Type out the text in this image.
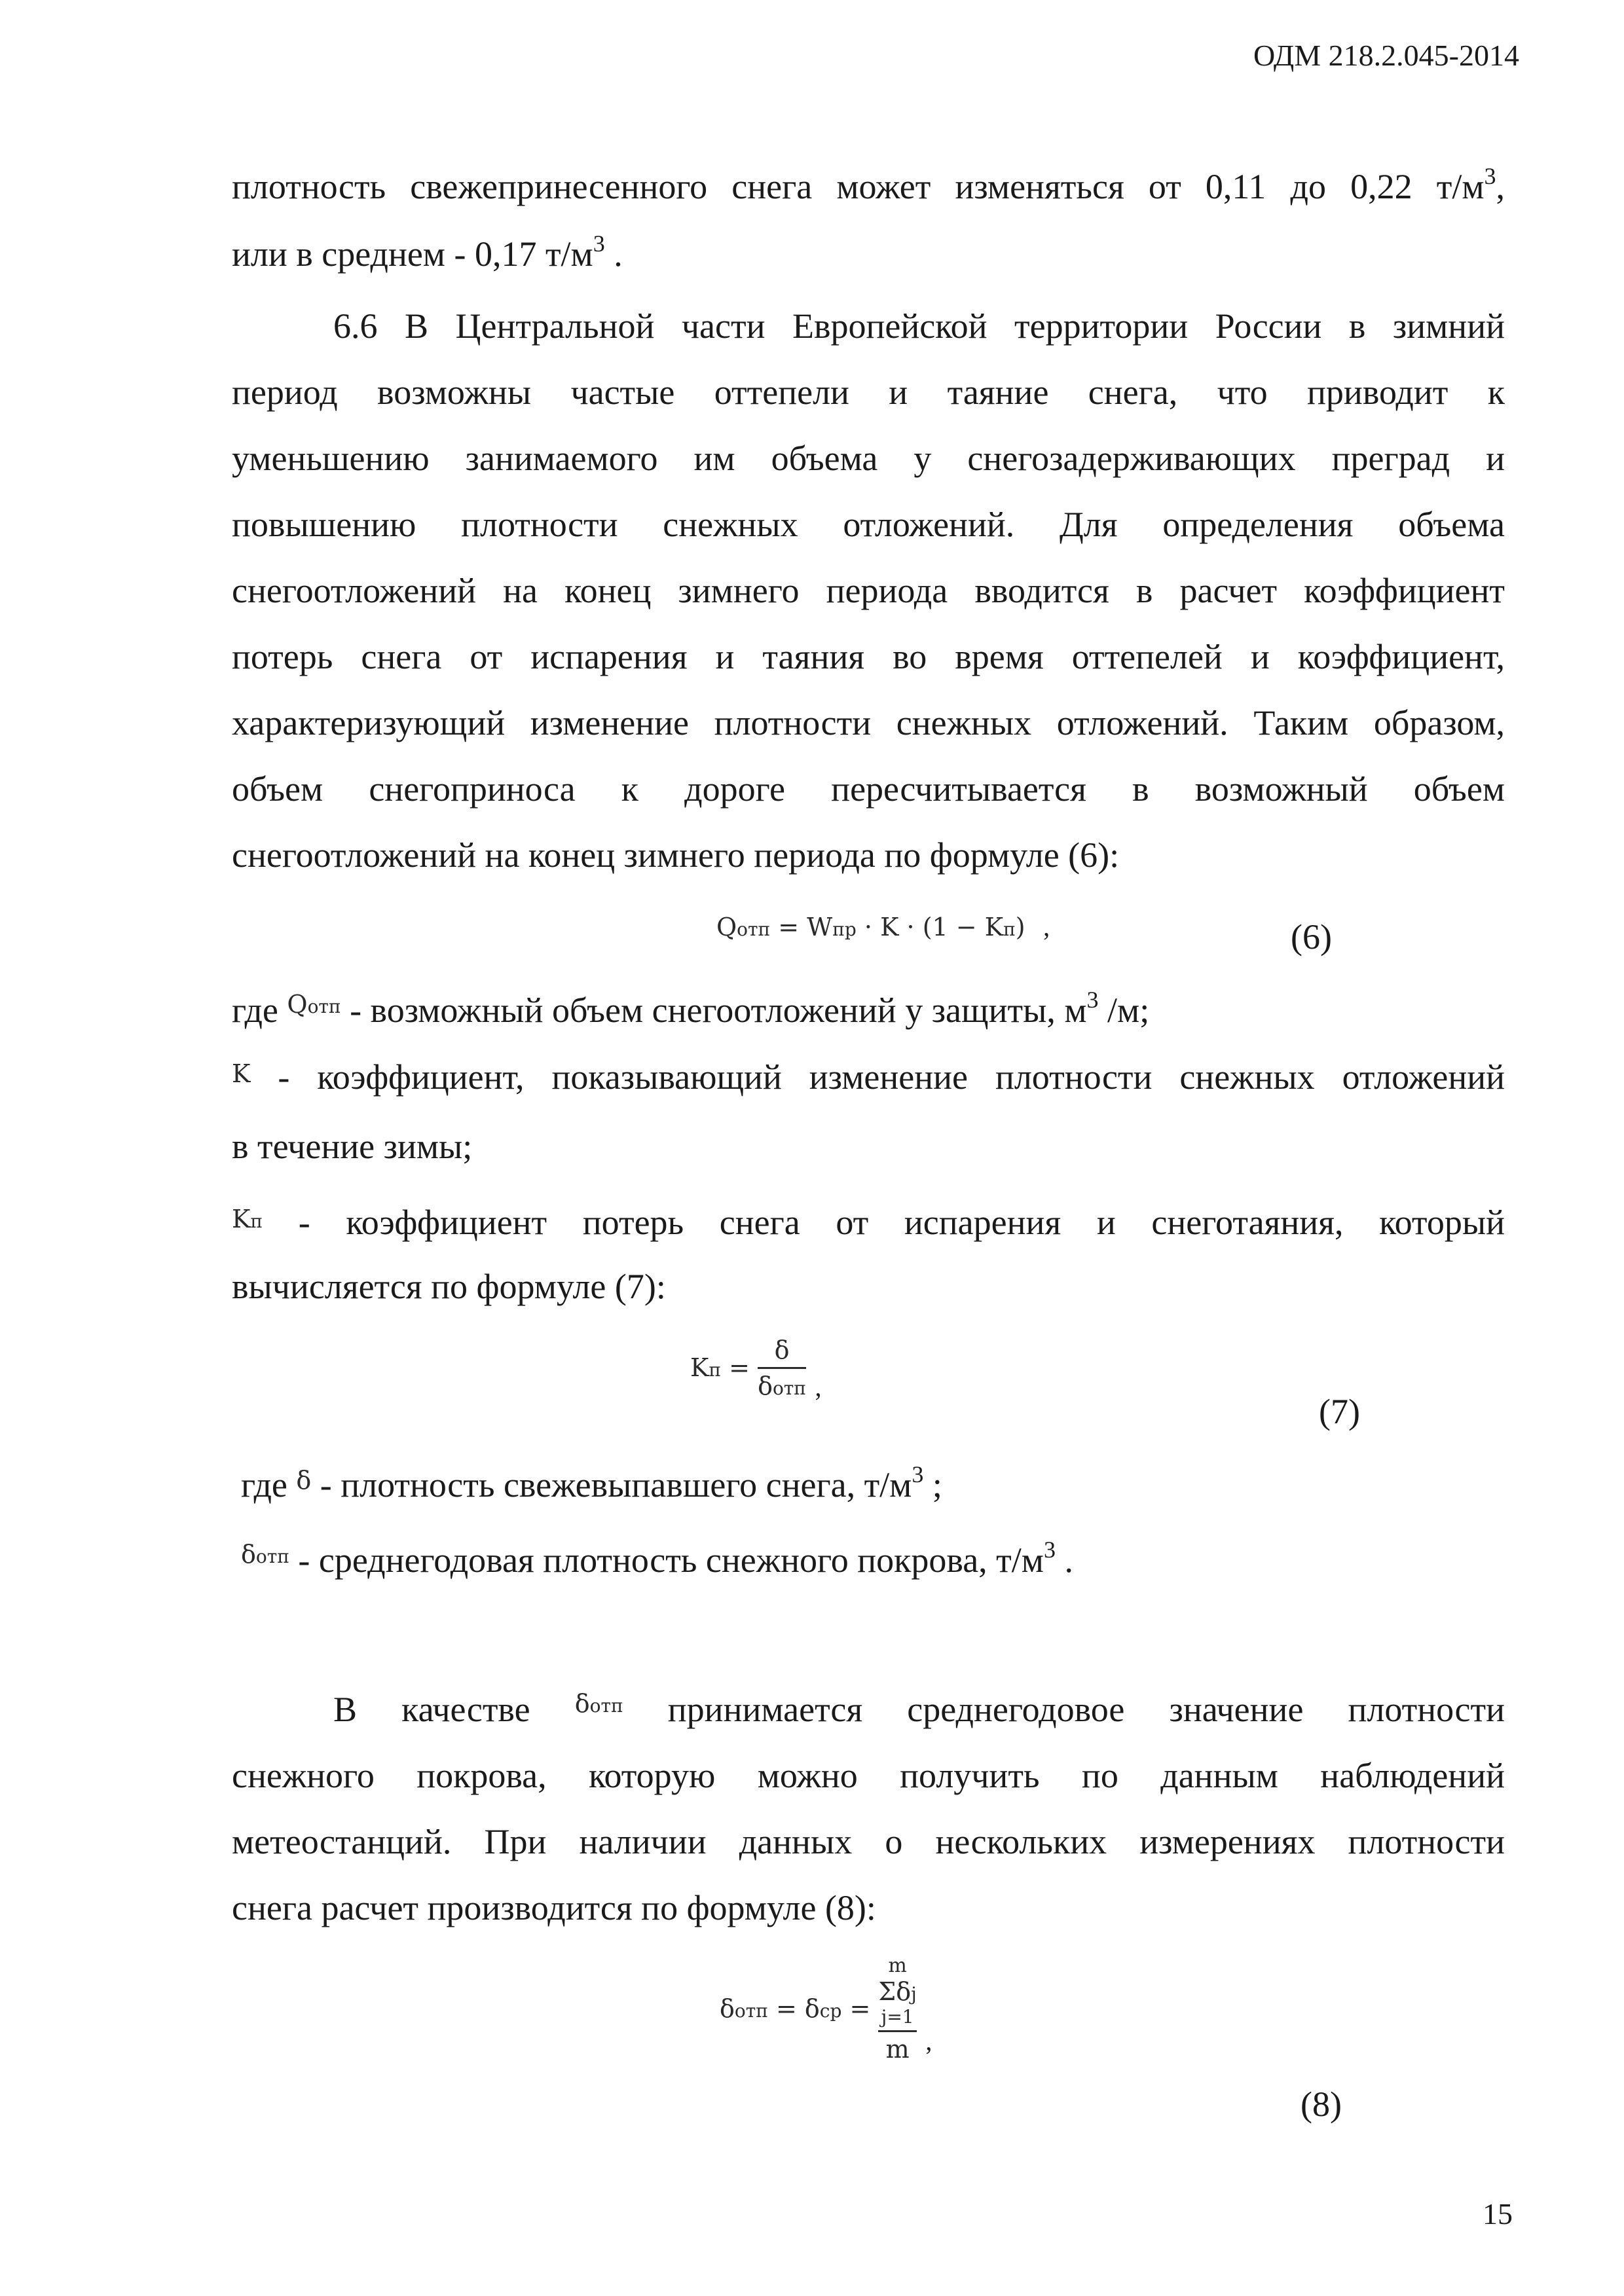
ОДМ 218.2.045-2014
плотность свежепринесенного снега может изменяться от 0,11 до 0,22 $т/м^3$,
или в среднем - 0,17 $т/м^3$ .
6.6 В Центральной части Европейской территории России в зимний
период возможны частые оттепели и таяние снега, что приводит к
уменьшению занимаемого им объема у снегозадерживающих преград и
повышению плотности снежных отложений. Для определения объема
снегоотложений на конец зимнего периода вводится в расчет коэффициент
потерь снега от испарения и таяния во время оттепелей и коэффициент,
характеризующий изменение плотности снежных отложений. Таким образом,
объем снегоприноса к дороге пересчитывается в возможный объем
снегоотложений на конец зимнего периода по формуле (6):
Qотп = Wпр · K · (1 − Kп) ,	(6)
где $^{Qотп}$ - возможный объем снегоотложений у защиты, $м^3$ /м;
K - коэффициент, показывающий изменение плотности снежных отложений
в течение зимы;
Kп - коэффициент потерь снега от испарения и снеготаяния, который
вычисляется по формуле (7):
Kп = $\frac{\delta}{\text{δотп}} _,$
(7)
где $^\delta$ - плотность свежевыпавшего снега, $т/м^3$ ;
$^{\delta отп}$ - среднегодовая плотность снежного покрова, $т/м^3$ .
В качестве $^{\delta отп}$ принимается среднегодовое значение плотности
снежного покрова, которую можно получить по данным наблюдений
метеостанций. При наличии данных о нескольких измерениях плотности
снега расчет производится по формуле (8):
δотп = δср = m
Σδj
j=1
m $_,$
(8)
15
